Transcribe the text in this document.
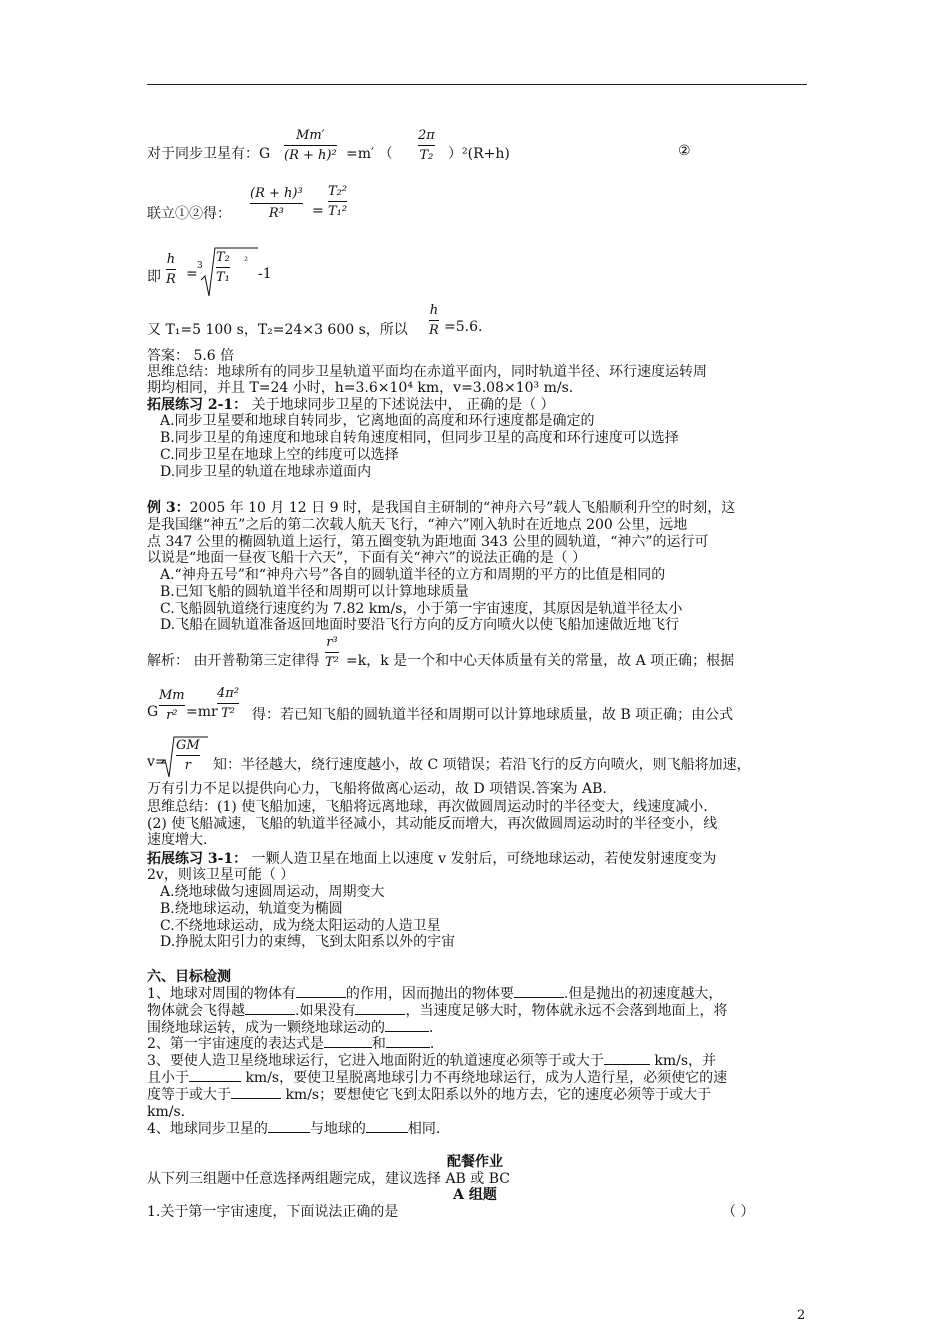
对于同步卫星有：G
Mm′
(R + h)² =m′ （
2π
T₂ ）²(R+h)	②
联立①②得：
(R + h)³
R³ =
T₂²
T₁²
即
h
R = 3
T₂
T₁
²
-1
又 T₁=5 100 s，T₂=24×3 600 s，所以
h
R =5.6.
答案： 5.6 倍
思维总结：地球所有的同步卫星轨道平面均在赤道平面内，同时轨道半径、环行速度运转周
期均相同，并且 T=24 小时，h=3.6×10⁴ km，v=3.08×10³ m/s.
拓展练习 2-1： 关于地球同步卫星的下述说法中， 正确的是（ ）
A.同步卫星要和地球自转同步，它离地面的高度和环行速度都是确定的
B.同步卫星的角速度和地球自转角速度相同，但同步卫星的高度和环行速度可以选择
C.同步卫星在地球上空的纬度可以选择
D.同步卫星的轨道在地球赤道面内
例 3：2005 年 10 月 12 日 9 时，是我国自主研制的“神舟六号”载人飞船顺利升空的时刻，这
是我国继“神五”之后的第二次载人航天飞行，“神六”刚入轨时在近地点 200 公里，远地
点 347 公里的椭圆轨道上运行，第五圈变轨为距地面 343 公里的圆轨道，“神六”的运行可
以说是“地面一昼夜飞船十六天”，下面有关“神六”的说法正确的是（ ）
A.“神舟五号”和“神舟六号”各自的圆轨道半径的立方和周期的平方的比值是相同的
B.已知飞船的圆轨道半径和周期可以计算地球质量
C.飞船圆轨道绕行速度约为 7.82 km/s，小于第一宇宙速度，其原因是轨道半径太小
D.飞船在圆轨道准备返回地面时要沿飞行方向的反方向喷火以使飞船加速做近地飞行
解析： 由开普勒第三定律得
r³
T² =k，k 是一个和中心天体质量有关的常量，故 A 项正确；根据
G
Mm
r² =mr
4π²
T² 得：若已知飞船的圆轨道半径和周期可以计算地球质量，故 B 项正确；由公式
v=
GM
r 知：半径越大，绕行速度越小，故 C 项错误；若沿飞行的反方向喷火，则飞船将加速，
万有引力不足以提供向心力，飞船将做离心运动，故 D 项错误.答案为 AB.
思维总结：(1) 使飞船加速，飞船将远离地球，再次做圆周运动时的半径变大，线速度减小.
(2) 使飞船减速，飞船的轨道半径减小，其动能反而增大，再次做圆周运动时的半径变小，线
速度增大.
拓展练习 3-1： 一颗人造卫星在地面上以速度 v 发射后，可绕地球运动，若使发射速度变为
2v，则该卫星可能（ ）
A.绕地球做匀速圆周运动，周期变大
B.绕地球运动，轨道变为椭圆
C.不绕地球运动，成为绕太阳运动的人造卫星
D.挣脱太阳引力的束缚，飞到太阳系以外的宇宙
六、目标检测
1、地球对周围的物体有	的作用，因而抛出的物体要	.但是抛出的初速度越大，
物体就会飞得越	.如果没有	，当速度足够大时，物体就永远不会落到地面上，将
围绕地球运转，成为一颗绕地球运动的	.
2、第一宇宙速度的表达式是	和	.
3、要使人造卫星绕地球运行，它进入地面附近的轨道速度必须等于或大于	km/s，并
且小于	km/s，要使卫星脱离地球引力不再绕地球运行，成为人造行星，必须使它的速
度等于或大于	km/s；要想使它飞到太阳系以外的地方去，它的速度必须等于或大于
km/s.
4、地球同步卫星的	与地球的	相同.
配餐作业
从下列三组题中任意选择两组题完成，建议选择 AB 或 BC
A 组题
1.关于第一宇宙速度，下面说法正确的是	（ ）
2
